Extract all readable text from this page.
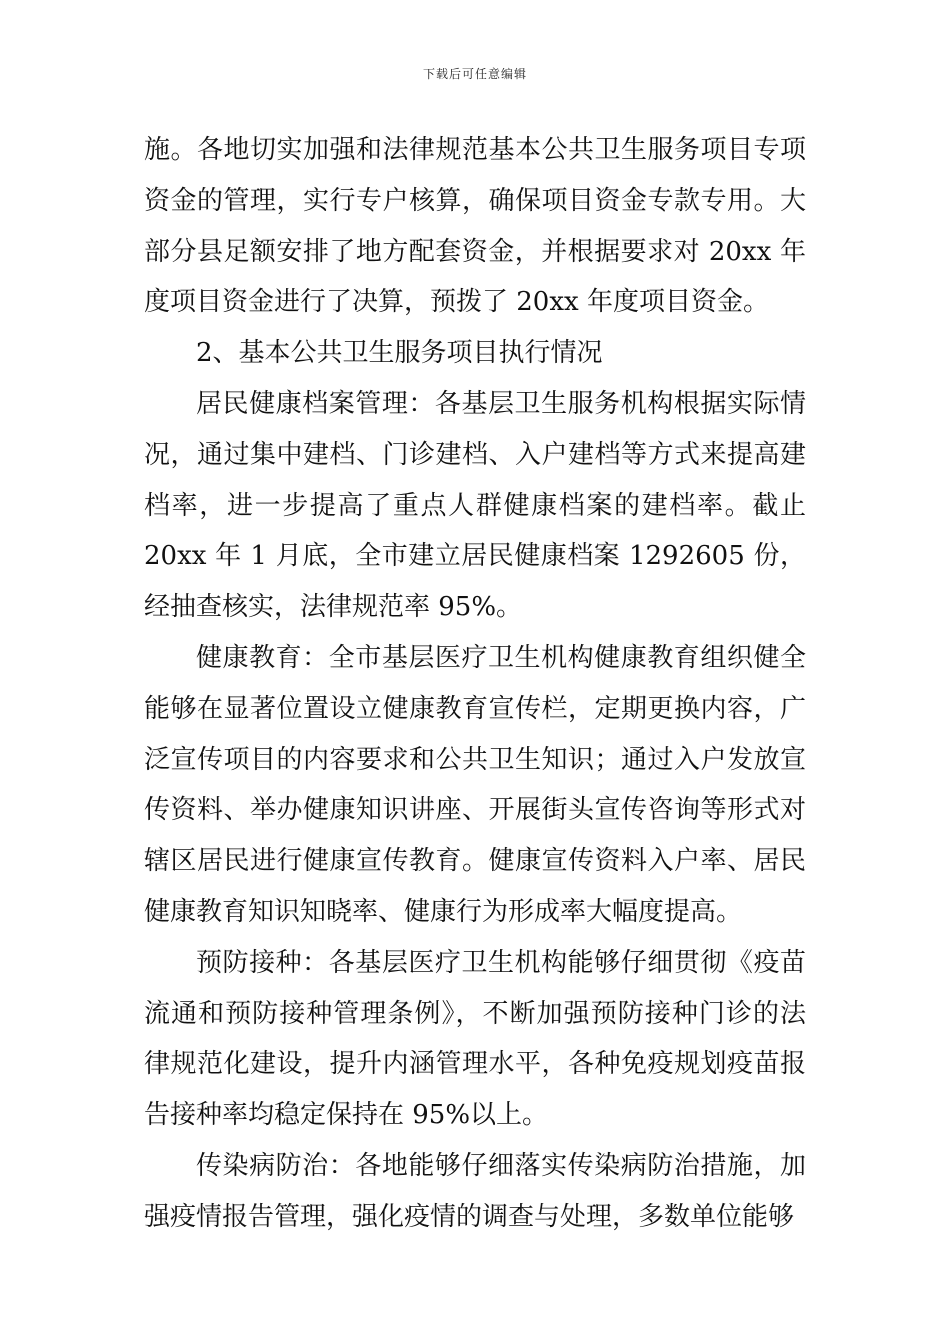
下载后可任意编辑

施。各地切实加强和法律规范基本公共卫生服务项目专项资金的管理，实行专户核算，确保项目资金专款专用。大部分县足额安排了地方配套资金，并根据要求对 20xx 年度项目资金进行了决算，预拨了 20xx 年度项目资金。

2、基本公共卫生服务项目执行情况

居民健康档案管理：各基层卫生服务机构根据实际情况，通过集中建档、门诊建档、入户建档等方式来提高建档率，进一步提高了重点人群健康档案的建档率。截止 20xx 年 1 月底，全市建立居民健康档案 1292605 份，经抽查核实，法律规范率 95%。

健康教育：全市基层医疗卫生机构健康教育组织健全能够在显著位置设立健康教育宣传栏，定期更换内容，广泛宣传项目的内容要求和公共卫生知识；通过入户发放宣传资料、举办健康知识讲座、开展街头宣传咨询等形式对辖区居民进行健康宣传教育。健康宣传资料入户率、居民健康教育知识知晓率、健康行为形成率大幅度提高。

预防接种：各基层医疗卫生机构能够仔细贯彻《疫苗流通和预防接种管理条例》，不断加强预防接种门诊的法律规范化建设，提升内涵管理水平，各种免疫规划疫苗报告接种率均稳定保持在 95%以上。

传染病防治：各地能够仔细落实传染病防治措施，加强疫情报告管理，强化疫情的调查与处理，多数单位能够
